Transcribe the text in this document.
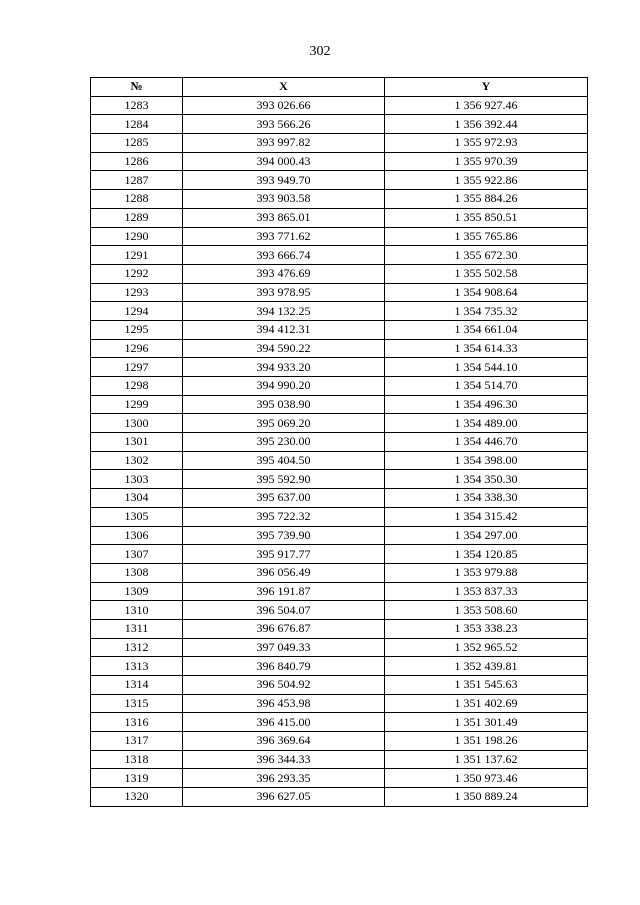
302
№	X	Y
1283	393 026.66	1 356 927.46
1284	393 566.26	1 356 392.44
1285	393 997.82	1 355 972.93
1286	394 000.43	1 355 970.39
1287	393 949.70	1 355 922.86
1288	393 903.58	1 355 884.26
1289	393 865.01	1 355 850.51
1290	393 771.62	1 355 765.86
1291	393 666.74	1 355 672.30
1292	393 476.69	1 355 502.58
1293	393 978.95	1 354 908.64
1294	394 132.25	1 354 735.32
1295	394 412.31	1 354 661.04
1296	394 590.22	1 354 614.33
1297	394 933.20	1 354 544.10
1298	394 990.20	1 354 514.70
1299	395 038.90	1 354 496.30
1300	395 069.20	1 354 489.00
1301	395 230.00	1 354 446.70
1302	395 404.50	1 354 398.00
1303	395 592.90	1 354 350.30
1304	395 637.00	1 354 338.30
1305	395 722.32	1 354 315.42
1306	395 739.90	1 354 297.00
1307	395 917.77	1 354 120.85
1308	396 056.49	1 353 979.88
1309	396 191.87	1 353 837.33
1310	396 504.07	1 353 508.60
1311	396 676.87	1 353 338.23
1312	397 049.33	1 352 965.52
1313	396 840.79	1 352 439.81
1314	396 504.92	1 351 545.63
1315	396 453.98	1 351 402.69
1316	396 415.00	1 351 301.49
1317	396 369.64	1 351 198.26
1318	396 344.33	1 351 137.62
1319	396 293.35	1 350 973.46
1320	396 627.05	1 350 889.24
